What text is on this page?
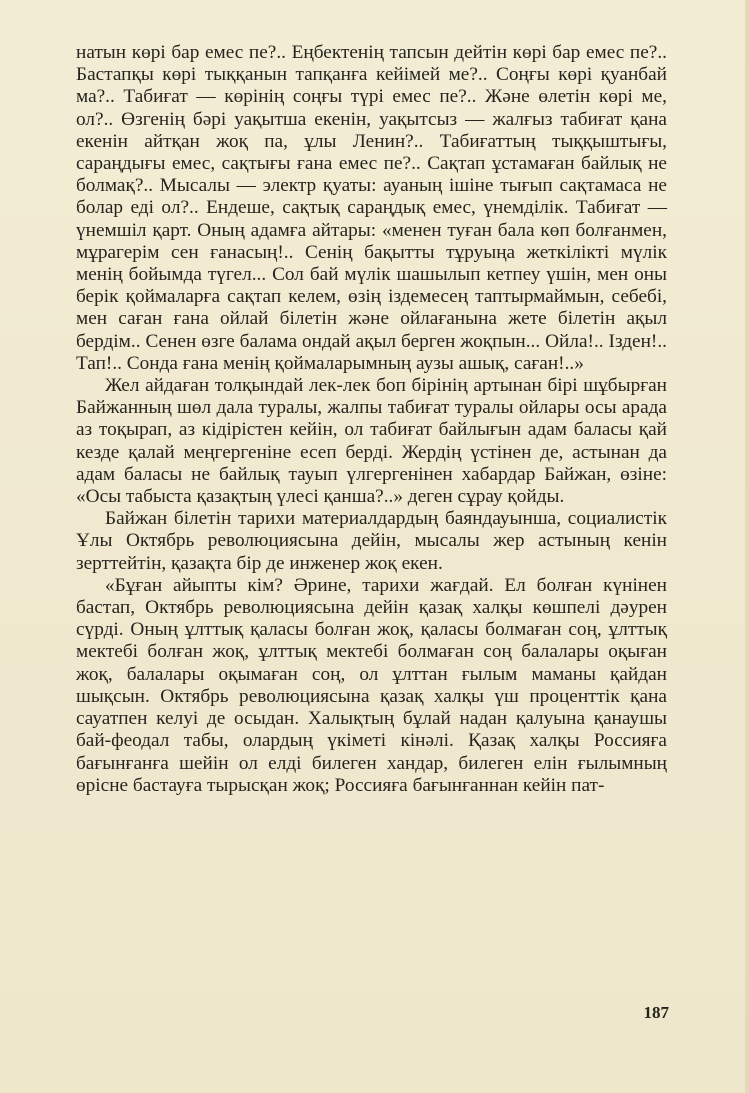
натын көрі бар емес пе?.. Еңбектенің тапсын дейтін көрі бар емес пе?.. Бастапқы көрі тыққанын тапқанға кейімей ме?.. Соңғы көрі қуанбай ма?.. Табиғат — көрінің соңғы түрі емес пе?.. Және өлетін көрі ме, ол?.. Өзгенің бәрі уақытша екенін, уақытсыз — жалғыз табиғат қана екенін айтқан жоқ па, ұлы Ленин?.. Табиғаттың тыққыштығы, сараңдығы емес, сақтығы ғана емес пе?.. Сақтап ұстамаған байлық не болмақ?.. Мысалы — электр қуаты: ауаның ішіне тығып сақтамаса не болар еді ол?.. Ендеше, сақтық сараңдық емес, үнемділік. Табиғат — үнемшіл қарт. Оның адамға айтары: «менен туған бала көп болғанмен, мұрагерім сен ғанасың!.. Сенің бақытты тұруыңа жеткілікті мүлік менің бойымда түгел... Сол бай мүлік шашылып кетпеу үшін, мен оны берік қоймаларға сақтап келем, өзің іздемесең таптырмаймын, себебі, мен саған ғана ойлай білетін және ойлағанына жете білетін ақыл бердім.. Сенен өзге балама ондай ақыл берген жоқпын... Ойла!.. Ізден!.. Тап!.. Сонда ғана менің қоймаларымның аузы ашық, саған!..»

Жел айдаған толқындай лек-лек боп бірінің артынан бірі шұбырған Байжанның шөл дала туралы, жалпы табиғат туралы ойлары осы арада аз тоқырап, аз кідірістен кейін, ол табиғат байлығын адам баласы қай кезде қалай меңгергеніне есеп берді. Жердің үстінен де, астынан да адам баласы не байлық тауып үлгергенінен хабардар Байжан, өзіне: «Осы табыста қазақтың үлесі қанша?..» деген сұрау қойды.

Байжан білетін тарихи материалдардың баяндауынша, социалистік Ұлы Октябрь революциясына дейін, мысалы жер астының кенін зерттейтін, қазақта бір де инженер жоқ екен.

«Бұған айыпты кім? Әрине, тарихи жағдай. Ел болған күнінен бастап, Октябрь революциясына дейін қазақ халқы көшпелі дәурен сүрді. Оның ұлттық қаласы болған жоқ, қаласы болмаған соң, ұлттық мектебі болған жоқ, ұлттық мектебі болмаған соң балалары оқыған жоқ, балалары оқымаған соң, ол ұлттан ғылым маманы қайдан шықсын. Октябрь революциясына қазақ халқы үш проценттік қана сауатпен келуі де осыдан. Халықтың бұлай надан қалуына қанаушы бай-феодал табы, олардың үкіметі кінәлі. Қазақ халқы Россияға бағынғанға шейін ол елді билеген хандар, билеген елін ғылымның өрісне бастауға тырысқан жоқ; Россияға бағынғаннан кейін пат-

187
